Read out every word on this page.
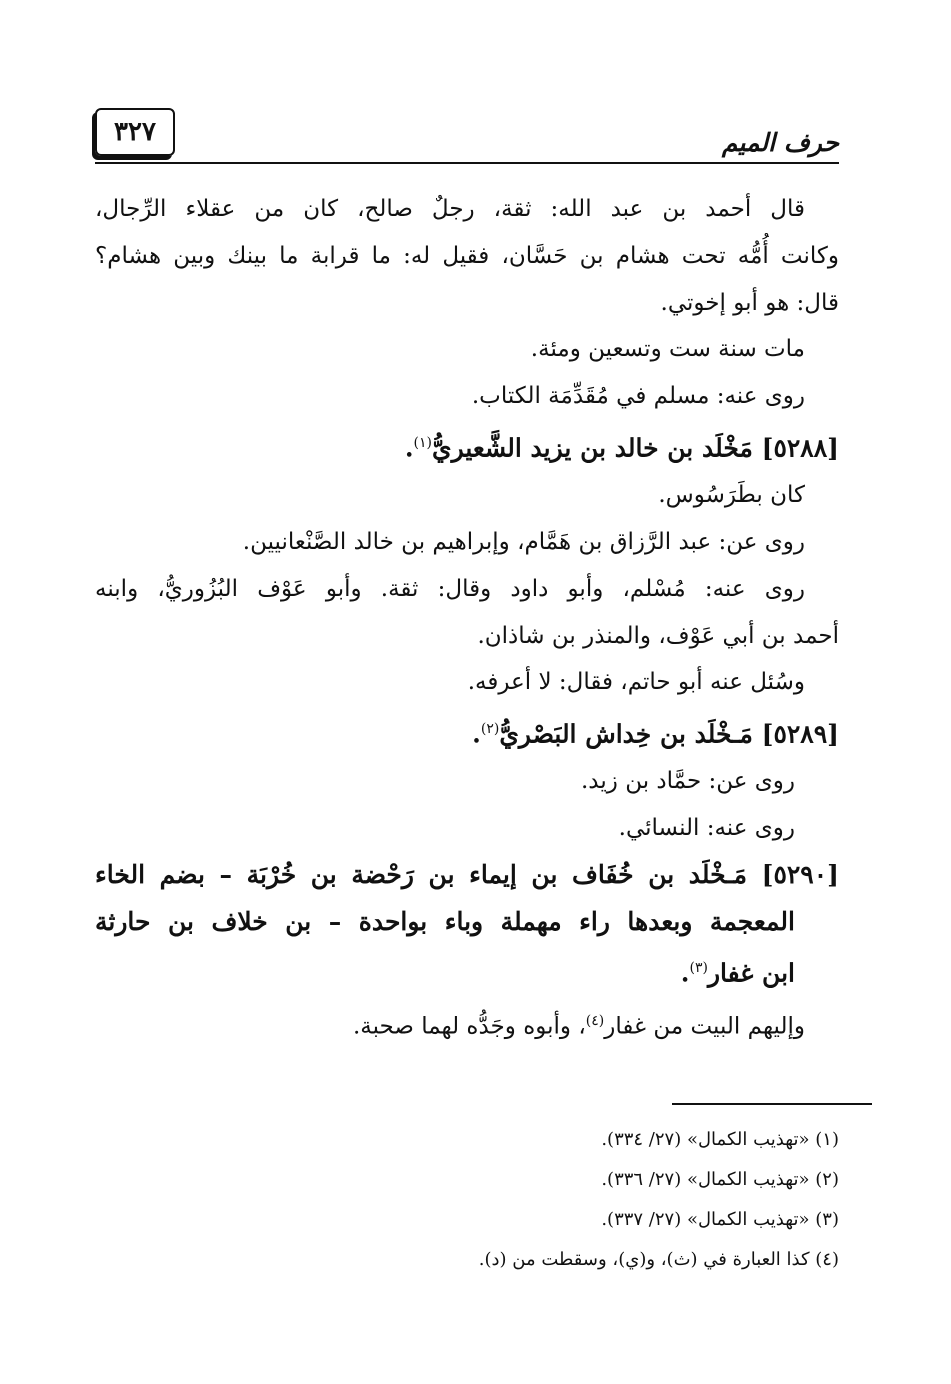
٣٢٧	حرف الميم
قال أحمد بن عبد الله: ثقة، رجلٌ صالح، كان من عقلاء الرِّجال،
وكانت أُمُّه تحت هشام بن حَسَّان، فقيل له: ما قرابة ما بينك وبين هشام؟
قال: هو أبو إخوتي.
مات سنة ست وتسعين ومئة.
روى عنه: مسلم في مُقَدِّمَة الكتاب.
[٥٢٨٨] مَخْلَد بن خالد بن يزيد الشَّعيريُّ$^{(١)}$.
كان بطَرَسُوس.
روى عن: عبد الرَّزاق بن هَمَّام، وإبراهيم بن خالد الصَّنْعانيين.
روى عنه: مُسْلم، وأبو داود وقال: ثقة. وأبو عَوْف البُزُوريُّ، وابنه
أحمد بن أبي عَوْف، والمنذر بن شاذان.
وسُئل عنه أبو حاتم، فقال: لا أعرفه.
[٥٢٨٩] مَـخْلَد بن خِداش البَصْريُّ$^{(٢)}$.
روى عن: حمَّاد بن زيد.
روى عنه: النسائي.
[٥٢٩٠] مَـخْلَد بن خُفَاف بن إيماء بن رَحْضة بن خُرْبَة – بضم الخاء
المعجمة وبعدها راء مهملة وباء بواحدة – بن خلاف بن حارثة
ابن غفار$^{(٣)}$.
وإليهم البيت من غفار$^{(٤)}$، وأبوه وجَدُّه لهما صحبة.
(١) «تهذيب الكمال» (٢٧/ ٣٣٤).
(٢) «تهذيب الكمال» (٢٧/ ٣٣٦).
(٣) «تهذيب الكمال» (٢٧/ ٣٣٧).
(٤) كذا العبارة في (ث)، و(ي)، وسقطت من (د).
